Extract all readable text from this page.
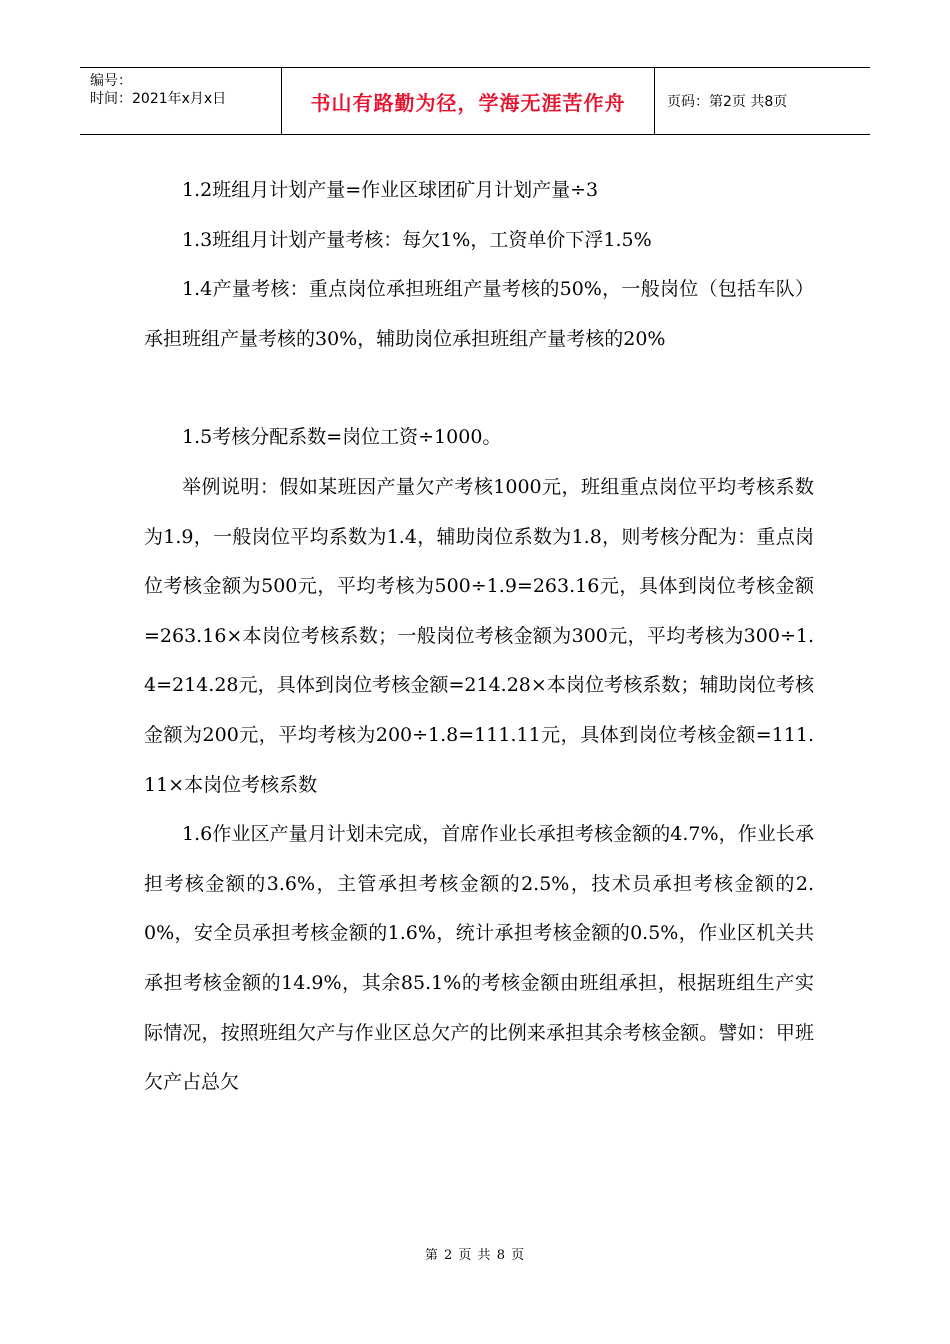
编号：
时间：2021年x月x日	书山有路勤为径，学海无涯苦作舟	页码：第2页 共8页

1.2班组月计划产量=作业区球团矿月计划产量÷3

1.3班组月计划产量考核：每欠1%，工资单价下浮1.5%

1.4产量考核：重点岗位承担班组产量考核的50%，一般岗位（包括车队）承担班组产量考核的30%，辅助岗位承担班组产量考核的20%

1.5考核分配系数=岗位工资÷1000。

举例说明：假如某班因产量欠产考核1000元，班组重点岗位平均考核系数为1.9，一般岗位平均系数为1.4，辅助岗位系数为1.8，则考核分配为：重点岗位考核金额为500元，平均考核为500÷1.9=263.16元，具体到岗位考核金额=263.16×本岗位考核系数；一般岗位考核金额为300元，平均考核为300÷1.4=214.28元，具体到岗位考核金额=214.28×本岗位考核系数；辅助岗位考核金额为200元，平均考核为200÷1.8=111.11元，具体到岗位考核金额=111.11×本岗位考核系数

1.6作业区产量月计划未完成，首席作业长承担考核金额的4.7%，作业长承担考核金额的3.6%，主管承担考核金额的2.5%，技术员承担考核金额的2.0%，安全员承担考核金额的1.6%，统计承担考核金额的0.5%，作业区机关共承担考核金额的14.9%，其余85.1%的考核金额由班组承担，根据班组生产实际情况，按照班组欠产与作业区总欠产的比例来承担其余考核金额。譬如：甲班欠产占总欠

第 2 页 共 8 页
